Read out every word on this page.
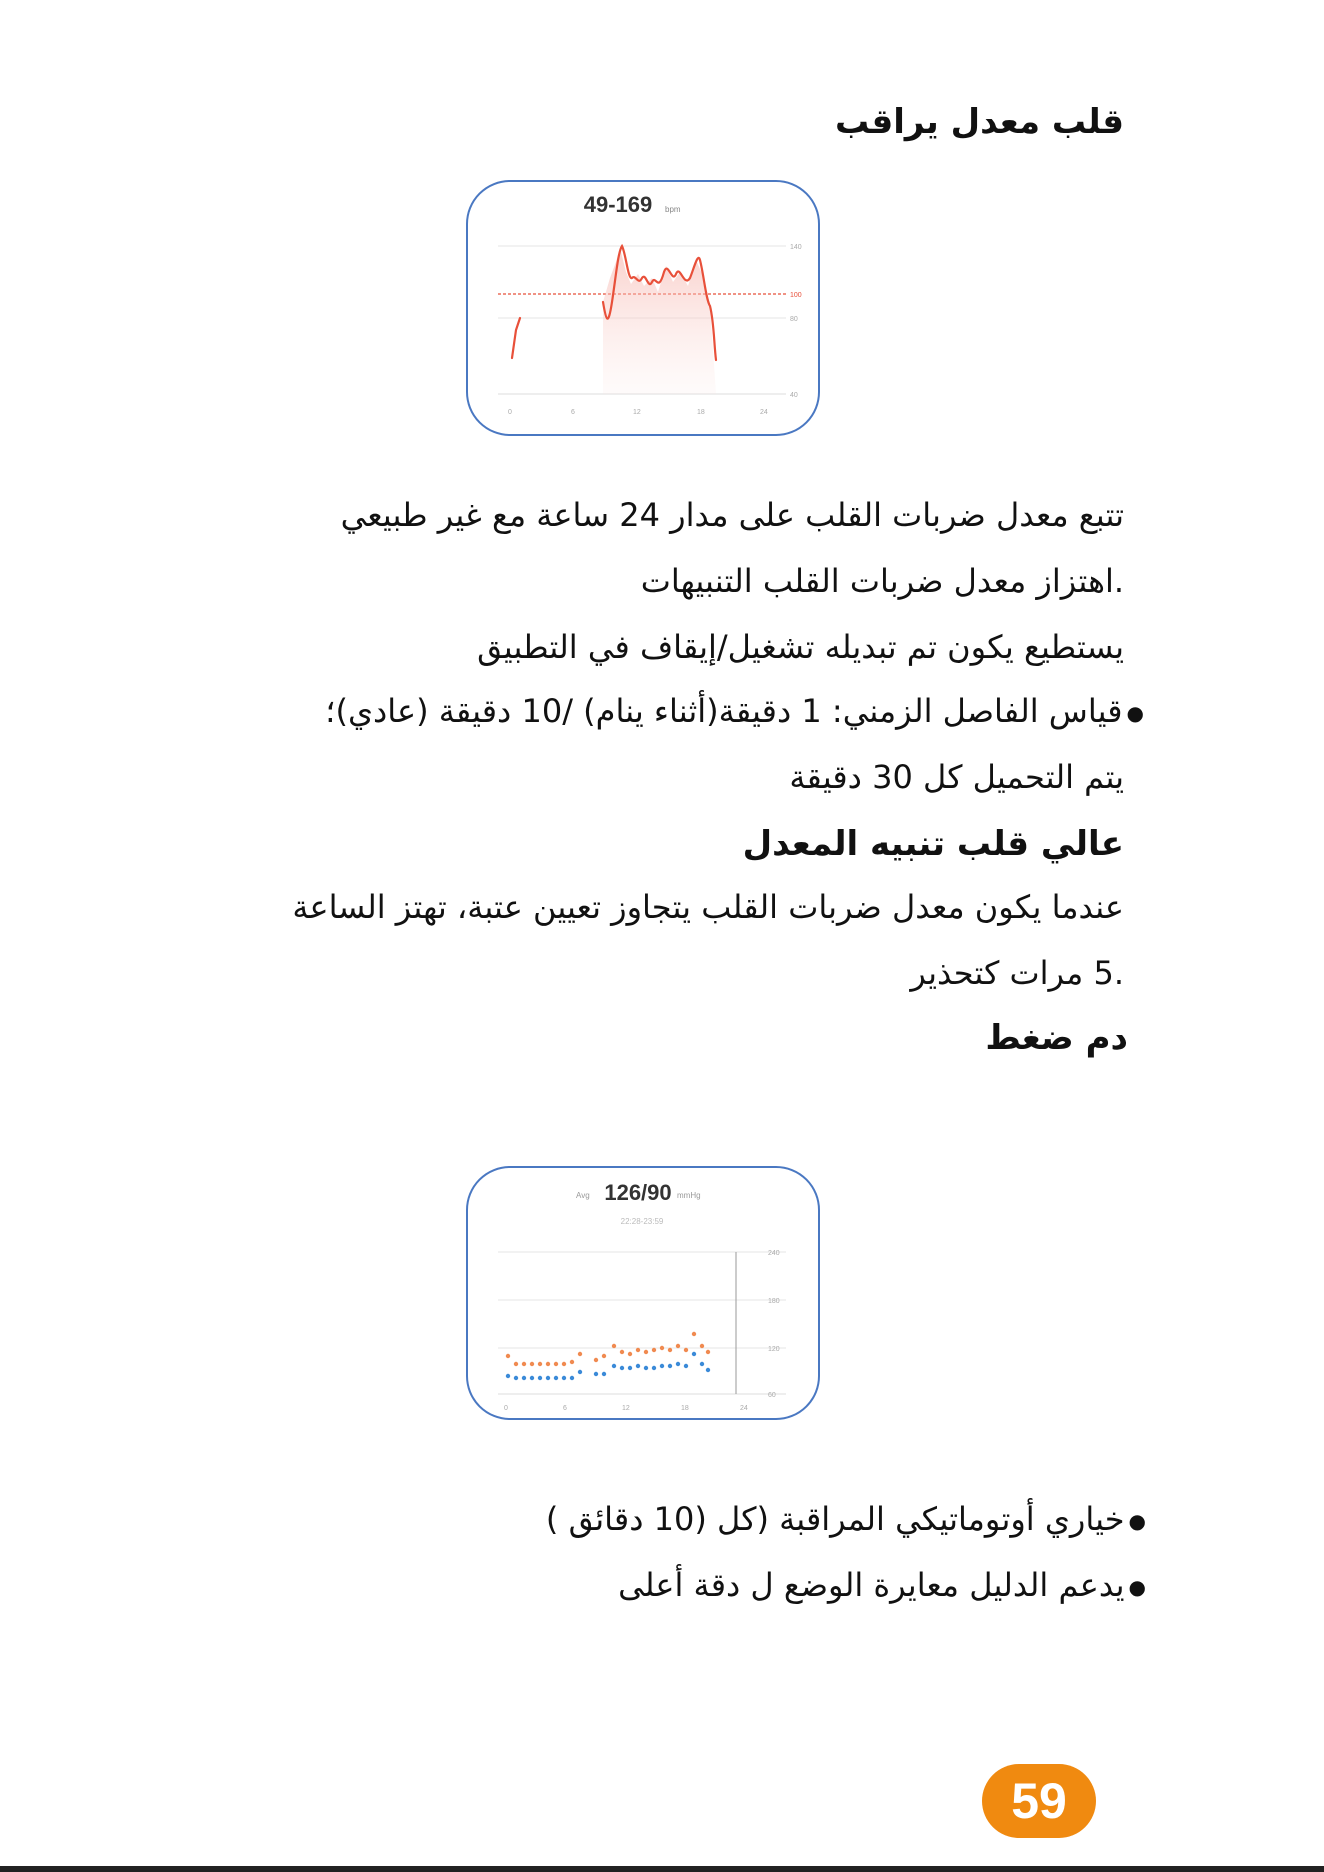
قلب معدل يراقب
49-169 bpm
140
100
80
40
0	6	12	18	24
تتبع معدل ضربات القلب على مدار 24 ساعة مع غير طبيعي
.اهتزاز معدل ضربات القلب التنبيهات
يستطيع يكون تم تبديله تشغيل/إيقاف في التطبيق
● قياس الفاصل الزمني: 1 دقيقة(أثناء ينام) /10 دقيقة (عادي)؛
يتم التحميل كل 30 دقيقة
عالي قلب تنبيه المعدل
عندما يكون معدل ضربات القلب يتجاوز تعيين عتبة، تهتز الساعة
.5 مرات كتحذير
دم ضغط
Avg 126/90 mmHg
22:28-23:59
240
180
120
60
0	6	12	18	24
● خياري أوتوماتيكي المراقبة (كل (10 دقائق )
● يدعم الدليل معايرة الوضع ل دقة أعلى
59
